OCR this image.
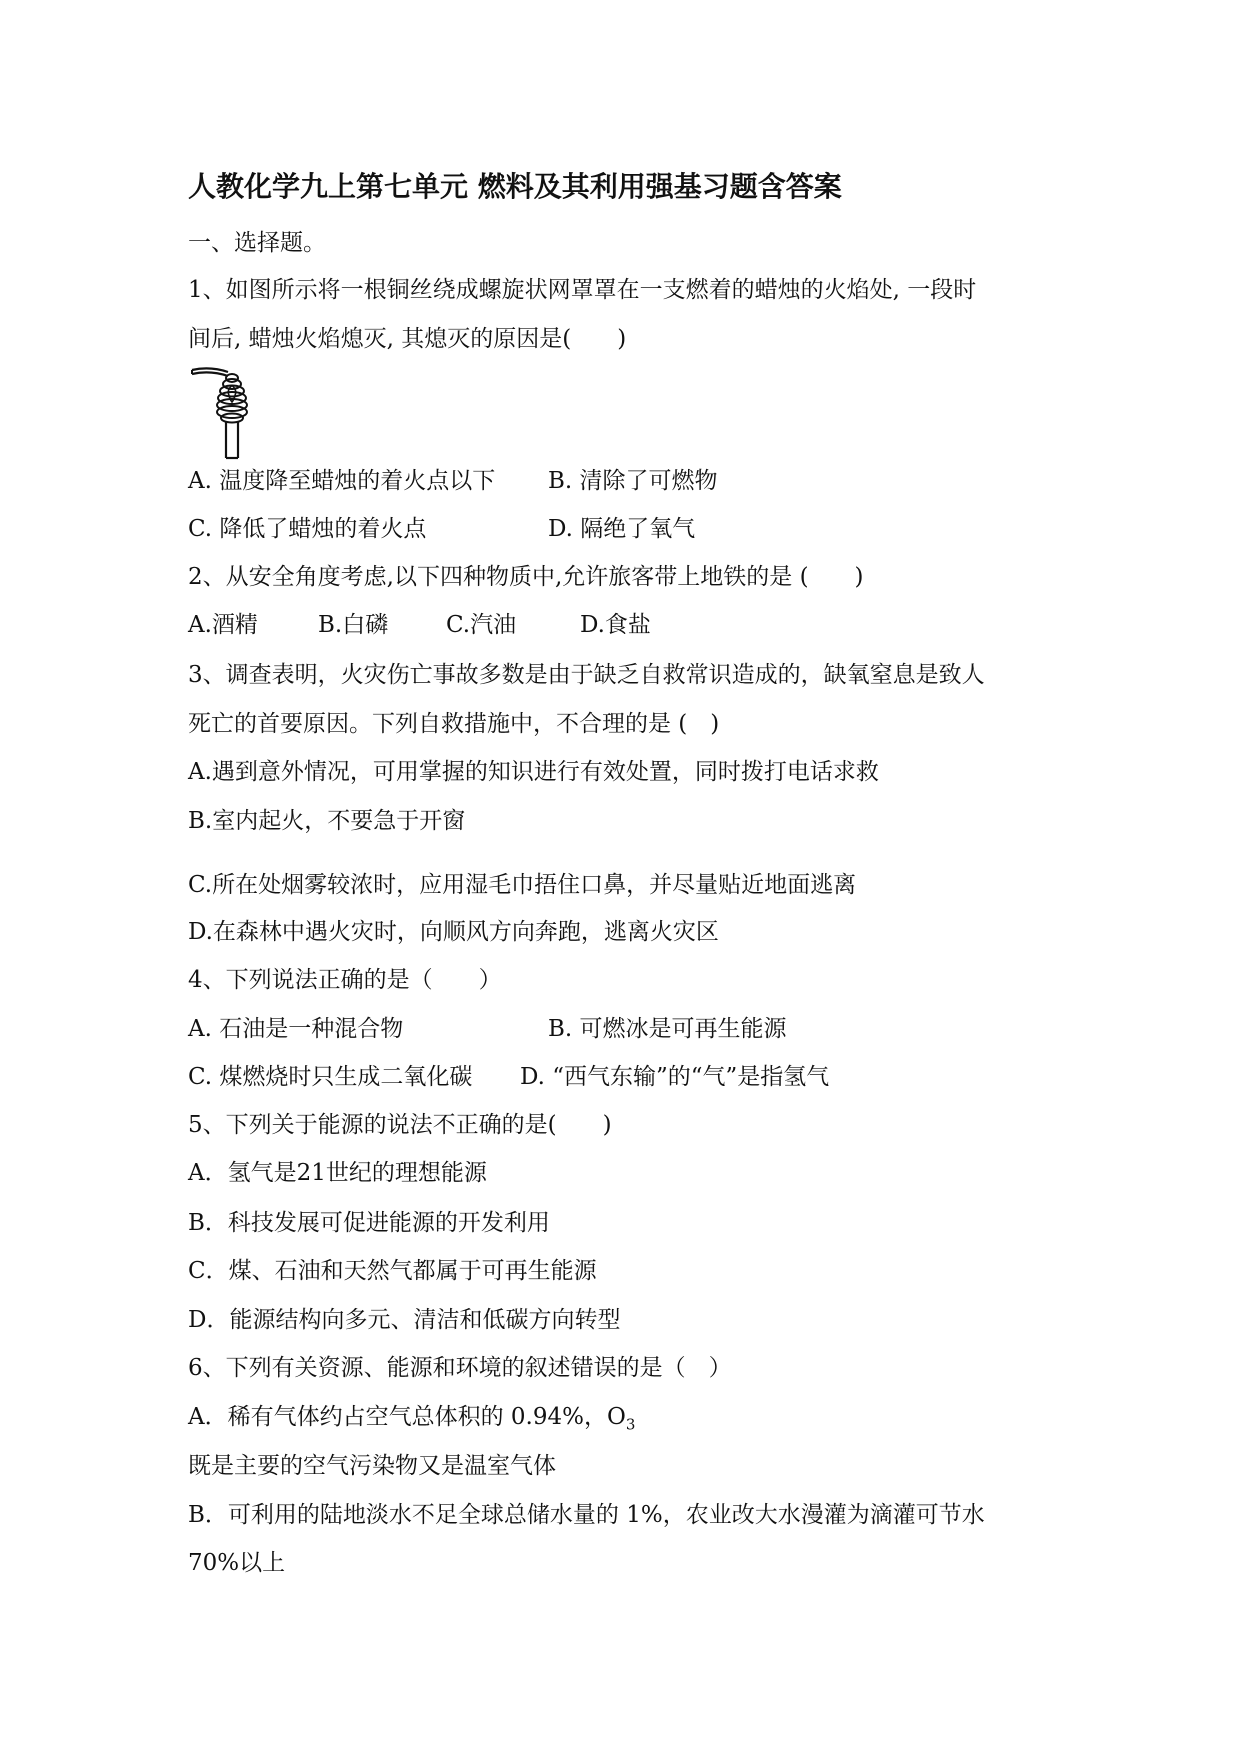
人教化学九上第七单元 燃料及其利用强基习题含答案
一、选择题。
1、如图所示将一根铜丝绕成螺旋状网罩罩在一支燃着的蜡烛的火焰处, 一段时
间后, 蜡烛火焰熄灭, 其熄灭的原因是(　　)
A. 温度降至蜡烛的着火点以下 B. 清除了可燃物
C. 降低了蜡烛的着火点	D. 隔绝了氧气
2、从安全角度考虑,以下四种物质中,允许旅客带上地铁的是 (　　)
A.酒精	B.白磷	C.汽油	D.食盐
3、调查表明，火灾伤亡事故多数是由于缺乏自救常识造成的，缺氧窒息是致人
死亡的首要原因。下列自救措施中，不合理的是 (　)
A.遇到意外情况，可用掌握的知识进行有效处置，同时拨打电话求救
B.室内起火，不要急于开窗
C.所在处烟雾较浓时，应用湿毛巾捂住口鼻，并尽量贴近地面逃离
D.在森林中遇火灾时，向顺风方向奔跑，逃离火灾区
4、下列说法正确的是（　　）
A. 石油是一种混合物	B. 可燃冰是可再生能源
C. 煤燃烧时只生成二氧化碳 D. “西气东输”的“气”是指氢气
5、下列关于能源的说法不正确的是(　　)
A．氢气是21世纪的理想能源
B．科技发展可促进能源的开发利用
C．煤、石油和天然气都属于可再生能源
D．能源结构向多元、清洁和低碳方向转型
6、下列有关资源、能源和环境的叙述错误的是（　）
A．稀有气体约占空气总体积的 0.94%，$O_3$
既是主要的空气污染物又是温室气体
B．可利用的陆地淡水不足全球总储水量的 1%，农业改大水漫灌为滴灌可节水
70%以上
